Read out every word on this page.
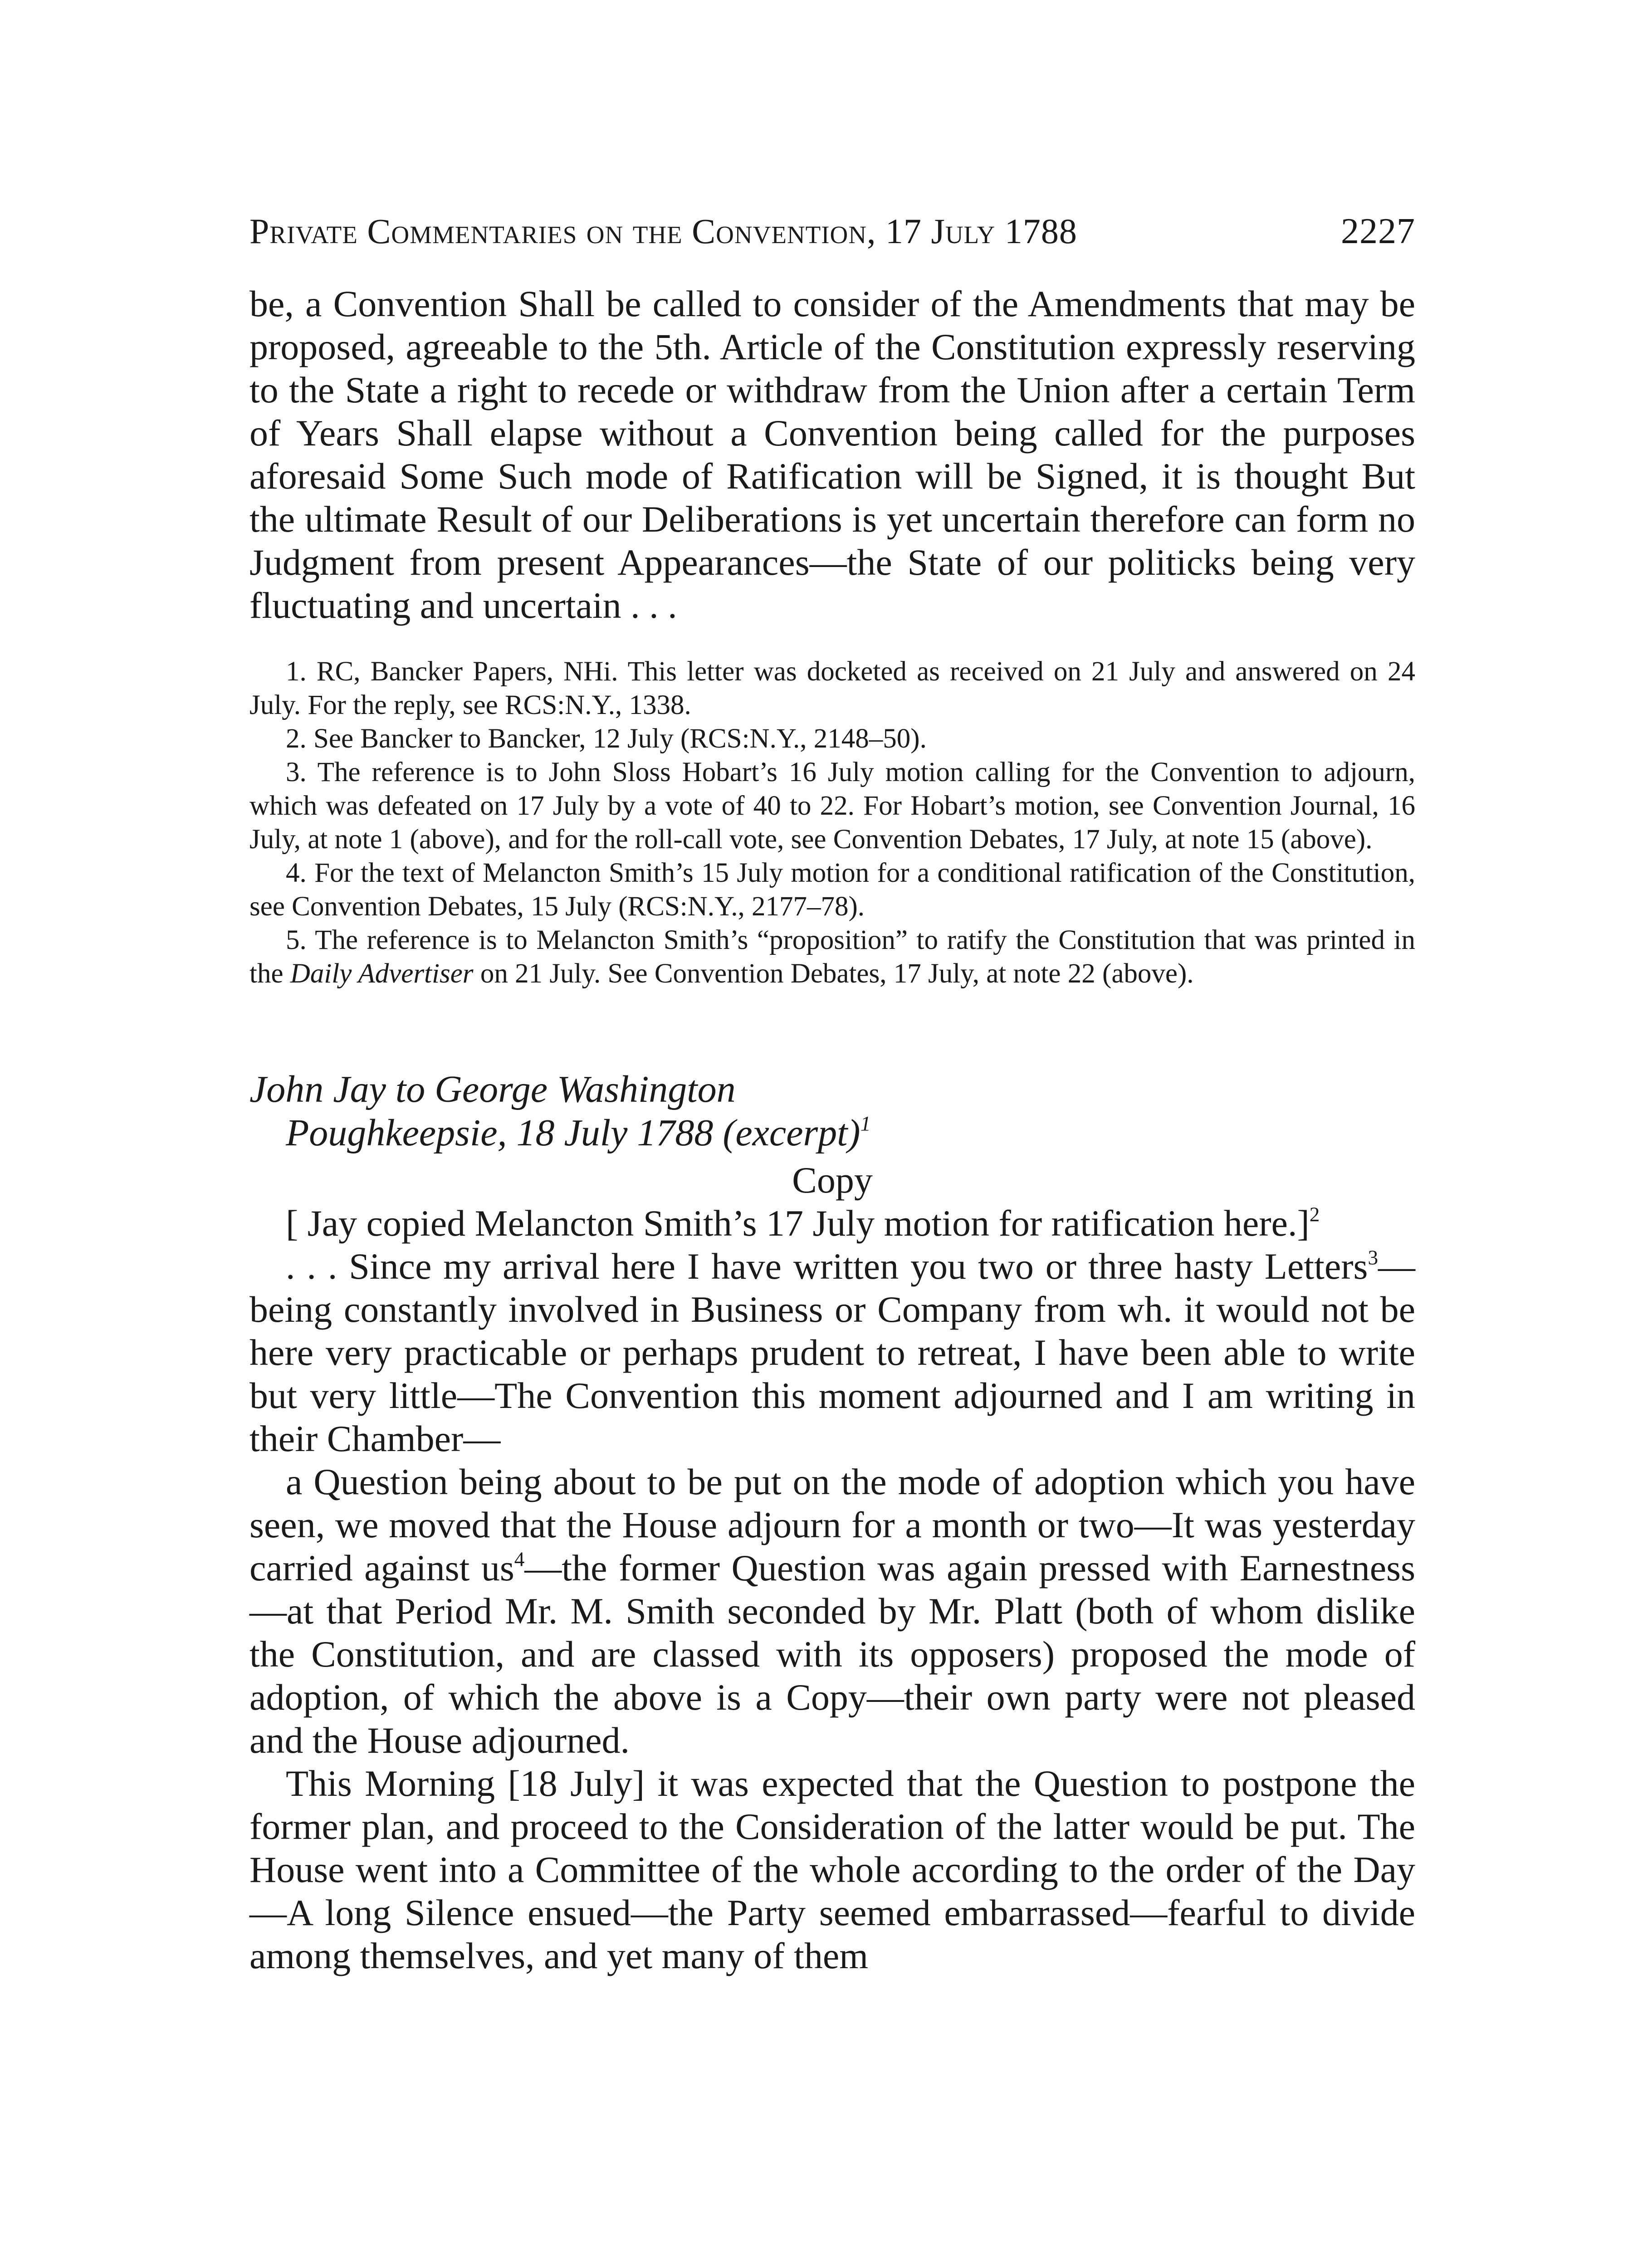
Private Commentaries on the Convention, 17 July 1788	2227

be, a Convention Shall be called to consider of the Amendments that may be proposed, agreeable to the 5th. Article of the Constitution expressly reserving to the State a right to recede or withdraw from the Union after a certain Term of Years Shall elapse without a Convention being called for the purposes aforesaid Some Such mode of Ratification will be Signed, it is thought But the ultimate Result of our Deliberations is yet uncertain therefore can form no Judgment from present Appearances—the State of our politicks being very fluctuating and uncertain . . .

1. RC, Bancker Papers, NHi. This letter was docketed as received on 21 July and answered on 24 July. For the reply, see RCS:N.Y., 1338.

2. See Bancker to Bancker, 12 July (RCS:N.Y., 2148–50).

3. The reference is to John Sloss Hobart’s 16 July motion calling for the Convention to adjourn, which was defeated on 17 July by a vote of 40 to 22. For Hobart’s motion, see Convention Journal, 16 July, at note 1 (above), and for the roll-call vote, see Convention Debates, 17 July, at note 15 (above).

4. For the text of Melancton Smith’s 15 July motion for a conditional ratification of the Constitution, see Convention Debates, 15 July (RCS:N.Y., 2177–78).

5. The reference is to Melancton Smith’s “proposition” to ratify the Constitution that was printed in the Daily Advertiser on 21 July. See Convention Debates, 17 July, at note 22 (above).

John Jay to George Washington
Poughkeepsie, 18 July 1788 (excerpt)$^1$
Copy

[ Jay copied Melancton Smith’s 17 July motion for ratification here.]$^2$

. . . Since my arrival here I have written you two or three hasty Letters$^3$—being constantly involved in Business or Company from wh. it would not be here very practicable or perhaps prudent to retreat, I have been able to write but very little—The Convention this moment adjourned and I am writing in their Chamber—

a Question being about to be put on the mode of adoption which you have seen, we moved that the House adjourn for a month or two—It was yesterday carried against $us^4—the$ former Question was again pressed with Earnestness—at that Period Mr. M. Smith seconded by Mr. Platt (both of whom dislike the Constitution, and are classed with its opposers) proposed the mode of adoption, of which the above is a Copy—their own party were not pleased and the House adjourned.

This Morning [18 July] it was expected that the Question to postpone the former plan, and proceed to the Consideration of the latter would be put. The House went into a Committee of the whole according to the order of the Day—A long Silence ensued—the Party seemed embarrassed—fearful to divide among themselves, and yet many of them
